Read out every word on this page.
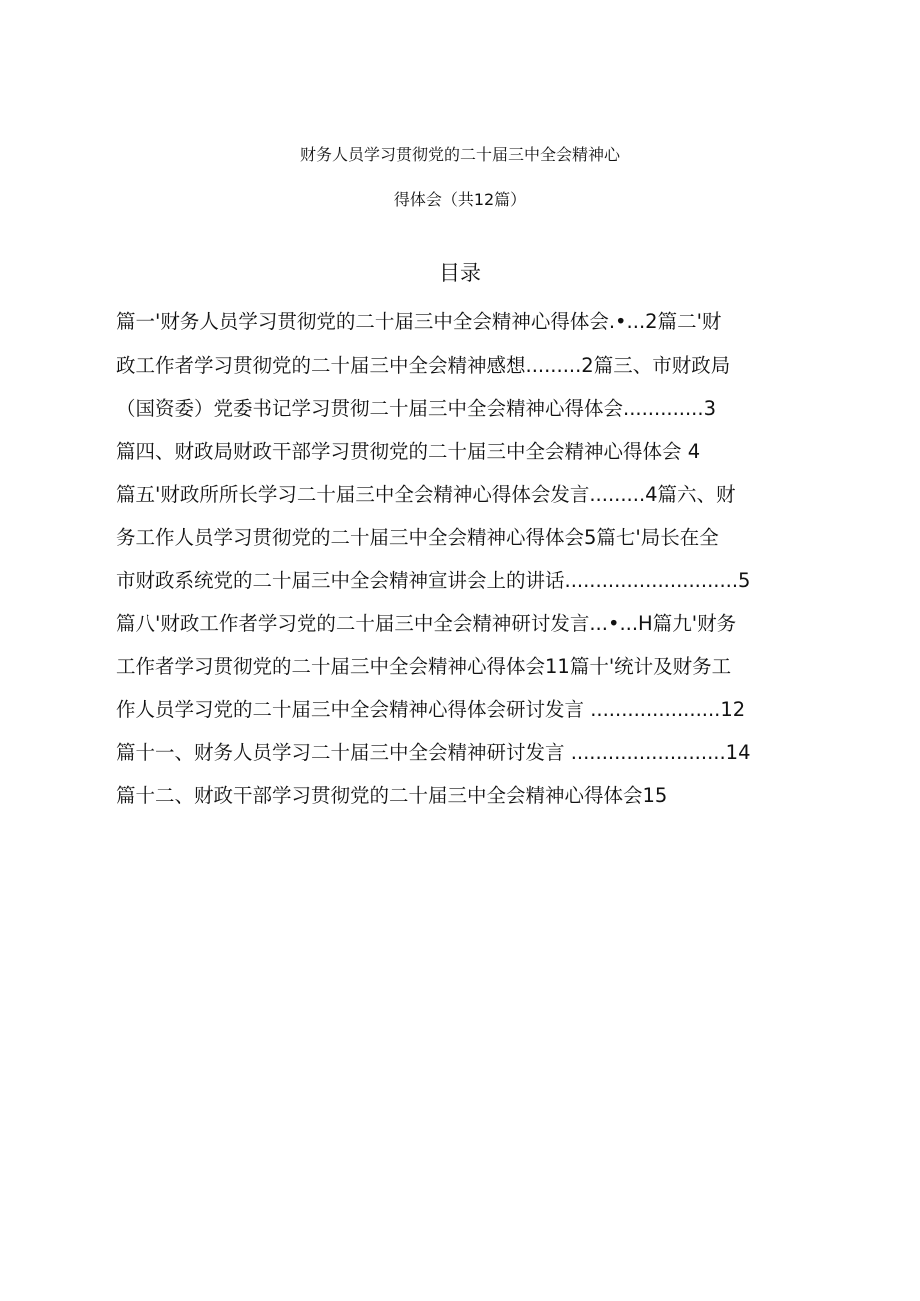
财务人员学习贯彻党的二十届三中全会精神心
得体会（共12篇）
目录
篇一'财务人员学习贯彻党的二十届三中全会精神心得体会.•...2篇二'财
政工作者学习贯彻党的二十届三中全会精神感想.........2篇三、市财政局
（国资委）党委书记学习贯彻二十届三中全会精神心得体会.............3
篇四、财政局财政干部学习贯彻党的二十届三中全会精神心得体会 4
篇五'财政所所长学习二十届三中全会精神心得体会发言.........4篇六、财
务工作人员学习贯彻党的二十届三中全会精神心得体会5篇七'局长在全
市财政系统党的二十届三中全会精神宣讲会上的讲话............................5
篇八'财政工作者学习党的二十届三中全会精神研讨发言...•...H篇九'财务
工作者学习贯彻党的二十届三中全会精神心得体会11篇十'统计及财务工
作人员学习党的二十届三中全会精神心得体会研讨发言 .....................12
篇十一、财务人员学习二十届三中全会精神研讨发言 .........................14
篇十二、财政干部学习贯彻党的二十届三中全会精神心得体会15
